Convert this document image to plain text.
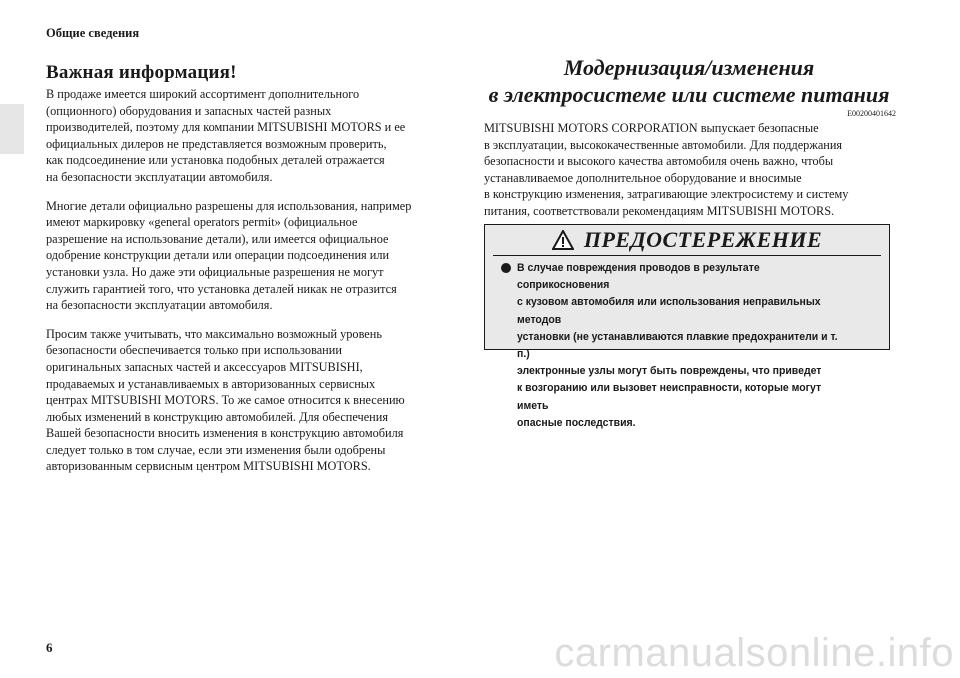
Общие сведения
Важная информация!
В продаже имеется широкий ассортимент дополнительного
(опционного) оборудования и запасных частей разных
производителей, поэтому для компании MITSUBISHI MOTORS и ее
официальных дилеров не представляется возможным проверить,
как подсоединение или установка подобных деталей отражается
на безопасности эксплуатации автомобиля.
Многие детали официально разрешены для использования, например
имеют маркировку «general operators permit» (официальное
разрешение на использование детали), или имеется официальное
одобрение конструкции детали или операции подсоединения или
установки узла. Но даже эти официальные разрешения не могут
служить гарантией того, что установка деталей никак не отразится
на безопасности эксплуатации автомобиля.
Просим также учитывать, что максимально возможный уровень
безопасности обеспечивается только при использовании
оригинальных запасных частей и аксессуаров MITSUBISHI,
продаваемых и устанавливаемых в авторизованных сервисных
центрах MITSUBISHI MOTORS. То же самое относится к внесению
любых изменений в конструкцию автомобилей. Для обеспечения
Вашей безопасности вносить изменения в конструкцию автомобиля
следует только в том случае, если эти изменения были одобрены
авторизованным сервисным центром MITSUBISHI MOTORS.
Модернизация/изменения
в электросистеме или системе питания
E00200401642
MITSUBISHI MOTORS CORPORATION выпускает безопасные
в эксплуатации, высококачественные автомобили. Для поддержания
безопасности и высокого качества автомобиля очень важно, чтобы
устанавливаемое дополнительное оборудование и вносимые
в конструкцию изменения, затрагивающие электросистему и систему
питания, соответствовали рекомендациям MITSUBISHI MOTORS.
ПРЕДОСТЕРЕЖЕНИЕ
В случае повреждения проводов в результате соприкосновения
с кузовом автомобиля или использования неправильных методов
установки (не устанавливаются плавкие предохранители и т. п.)
электронные узлы могут быть повреждены, что приведет
к возгоранию или вызовет неисправности, которые могут иметь
опасные последствия.
6	carmanualsonline.info
